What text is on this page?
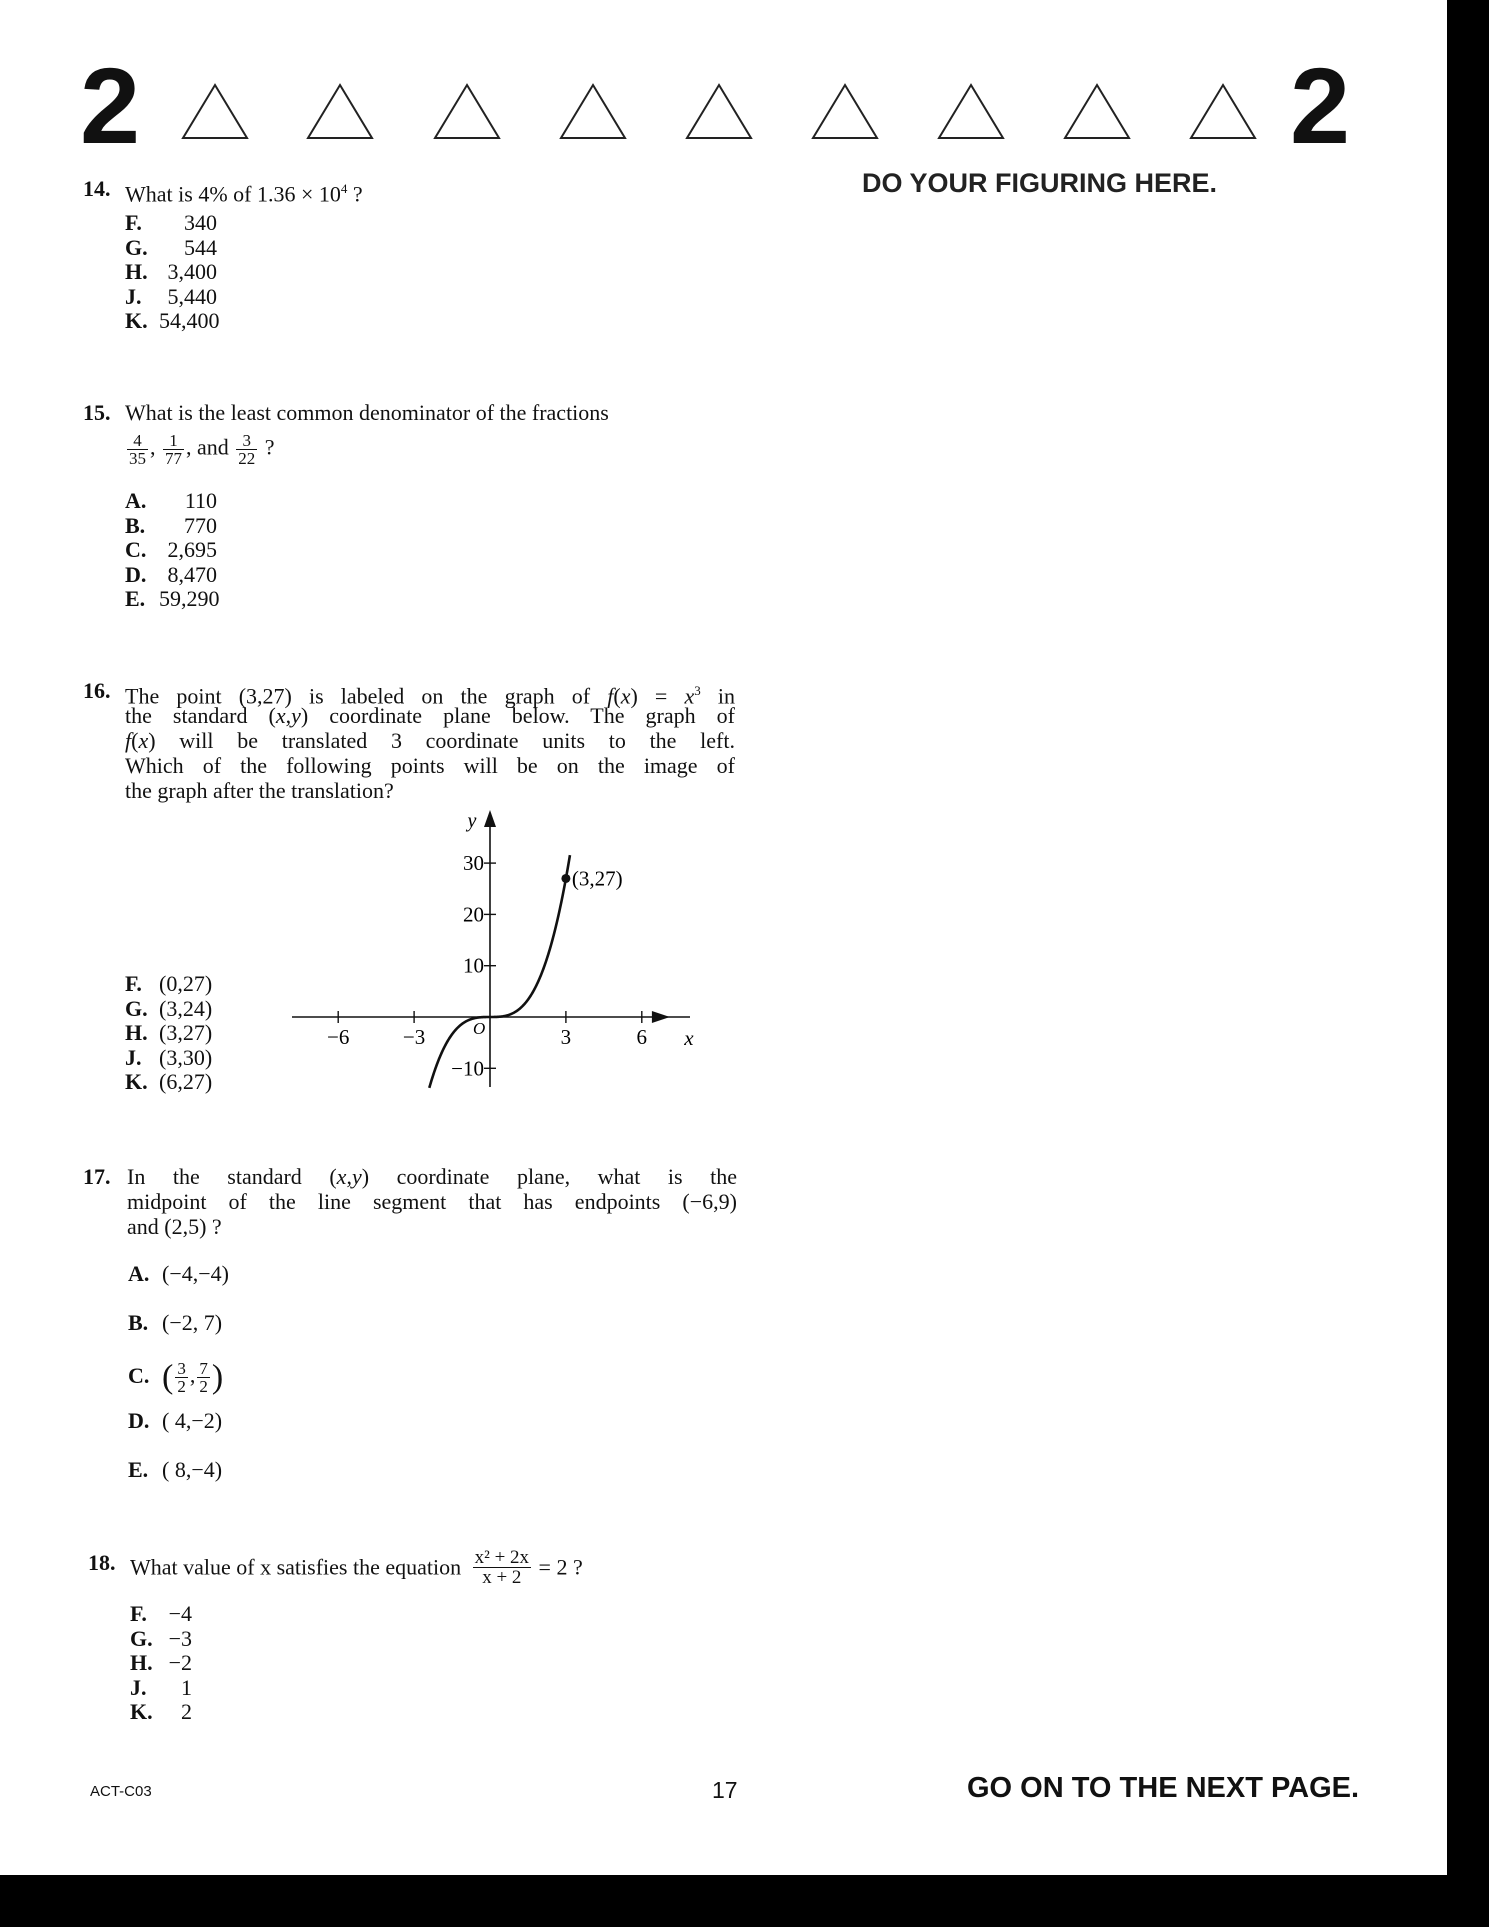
2	2
DO YOUR FIGURING HERE.
14. What is 4% of $1.36 \times 10^4$ ?
F. 340
G. 544
H. 3,400
J. 5,440
K. 54,400
15. What is the least common denominator of the fractions
$\frac{4}{35}$ , $\frac{1}{77}$ , and $\frac{3}{22}$ ?
A. 110
B. 770
C. 2,695
D. 8,470
E. 59,290
16. The point (3,27) is labeled on the graph of $f(x) = x^3$ in
the standard (x,y) coordinate plane below. The graph of
f(x) will be translated 3 coordinate units to the left.
Which of the following points will be on the image of
the graph after the translation?
F. (0,27)
G. (3,24)
H. (3,27)
J. (3,30)
K. (6,27)
−6	−3	3	6
30
20
10
−10
x
y
O
(3,27)
17. In the standard (x,y) coordinate plane, what is the
midpoint of the line segment that has endpoints (−6,9)
and (2,5) ?
A. (−4,−4)
B. (−2, 7)
C. ( $\frac{3}{2}$ , $\frac{7}{2}$ )
D. ( 4,−2)
E. ( 8,−4)
18. What value of x satisfies the equation $\frac{\text{x² + 2x}}{x + 2} = 2$ ?
F. −4
G. −3
H. −2
J. 1
K. 2
ACT-C03	17	GO ON TO THE NEXT PAGE.
